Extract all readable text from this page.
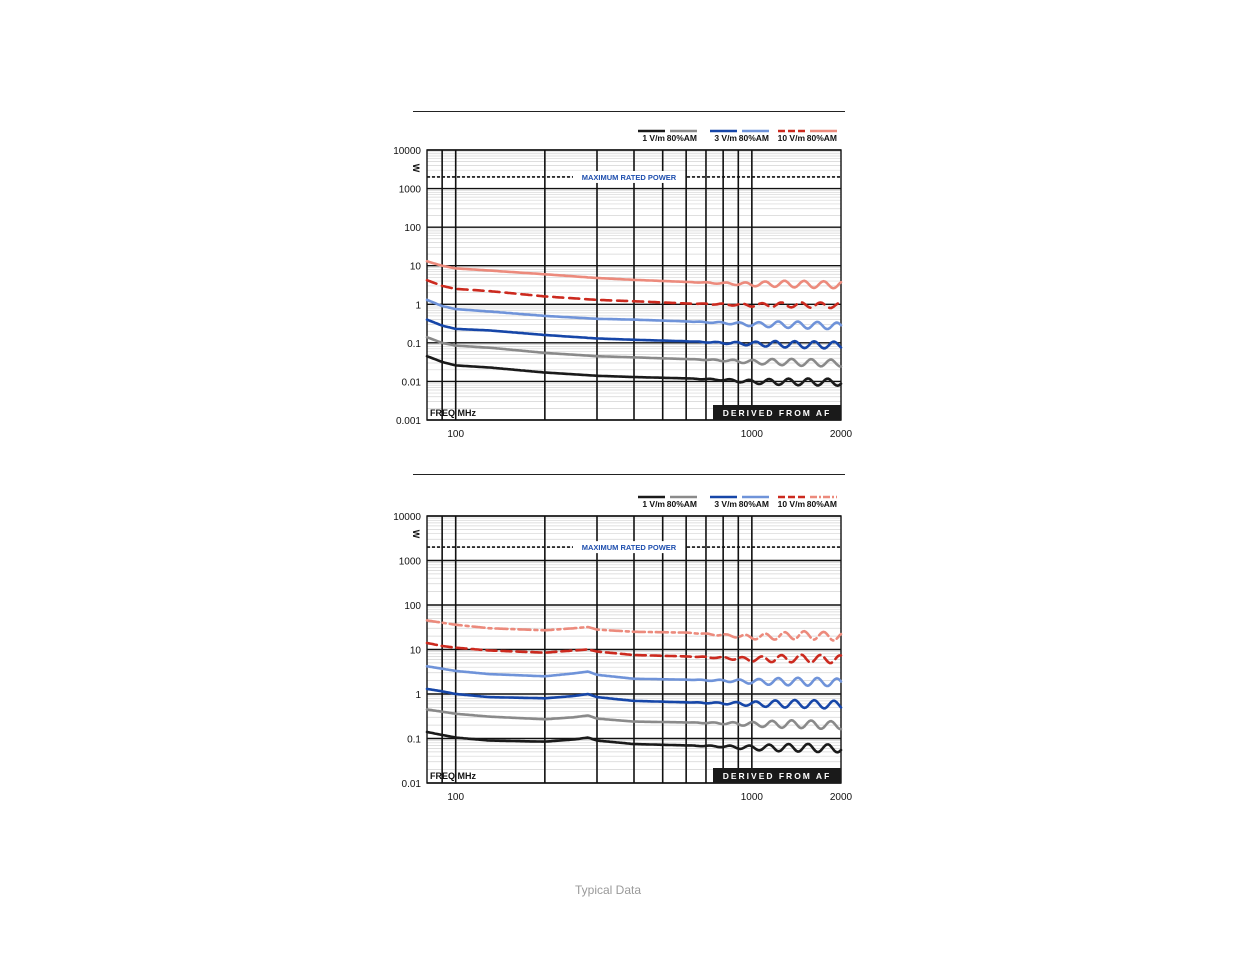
0.001
0.01
0.1
1
10
100
1000
10000
MAXIMUM RATED POWER
W
100	1000	2000
FREQ MHz	DERIVED FROM AF
1 V/m 80%AM 3 V/m 80%AM 10 V/m 80%AM
0.01
0.1
1
10
100
1000
10000
MAXIMUM RATED POWER
W
100	1000	2000
FREQ MHz	DERIVED FROM AF
1 V/m 80%AM 3 V/m 80%AM 10 V/m 80%AM
Typical Data
